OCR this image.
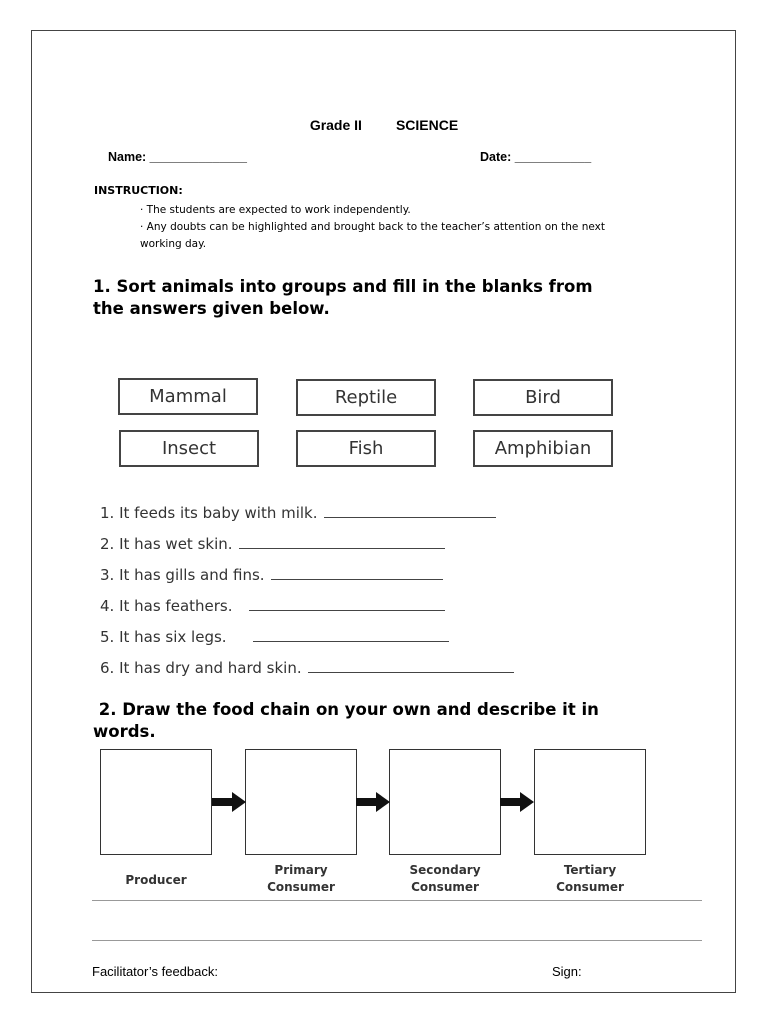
Grade II SCIENCE
Name: ______________	Date: ___________
INSTRUCTION:
· The students are expected to work independently.
· Any doubts can be highlighted and brought back to the teacher’s attention on the next working day.
1. Sort animals into groups and fill in the blanks from
the answers given below.
Mammal	Reptile	Bird
Insect	Fish	Amphibian
1. It feeds its baby with milk.
2. It has wet skin.
3. It has gills and fins.
4. It has feathers.
5. It has six legs.
6. It has dry and hard skin.
2. Draw the food chain on your own and describe it in
words.
Producer
Primary
Consumer
Secondary
Consumer
Tertiary
Consumer
Facilitator’s feedback:	Sign:
